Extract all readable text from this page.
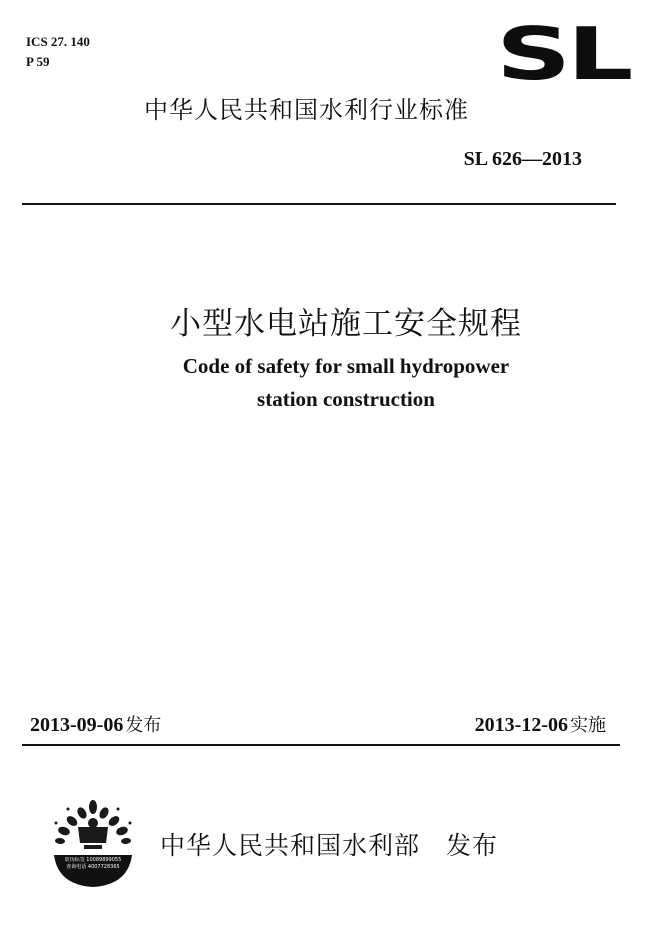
ICS 27. 140
P 59	SL
中华人民共和国水利行业标准
SL 626—2013
小型水电站施工安全规程
Code of safety for small hydropower
station construction
2013-09-06 发布	2013-12-06 实施
防伪标签 10089899055
查询电话 4007728365
中华人民共和国水利部 发布
